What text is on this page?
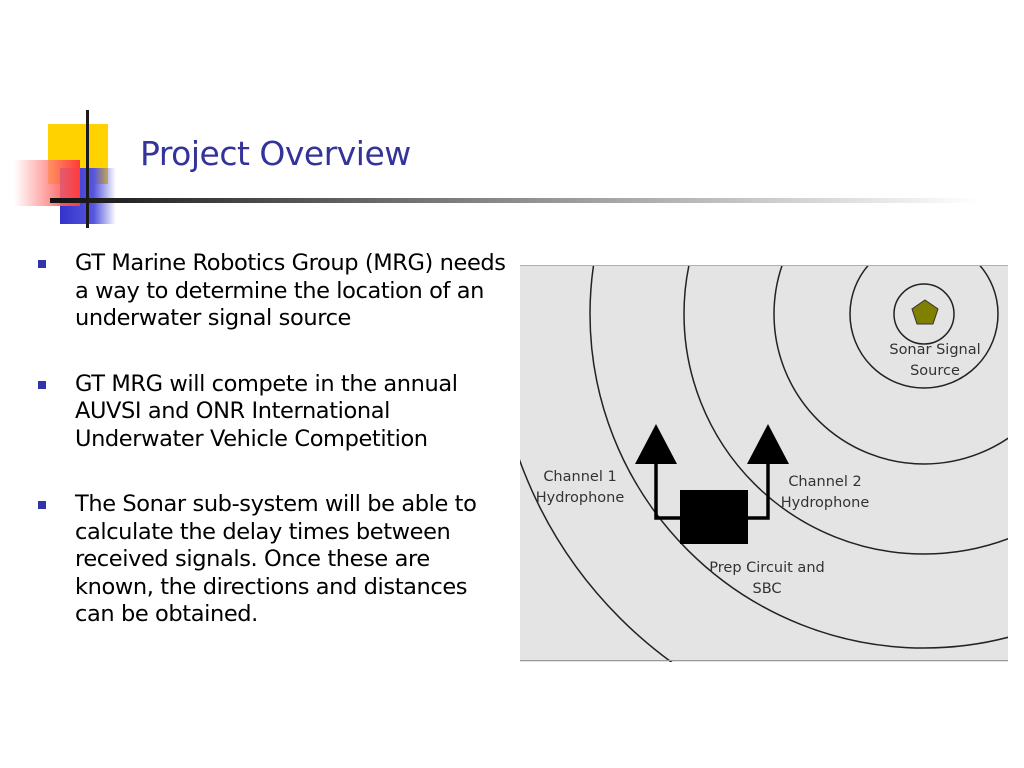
Project Overview
GT Marine Robotics Group (MRG) needs a way to determine the location of an underwater signal source
GT MRG will compete in the annual AUVSI and ONR International Underwater Vehicle Competition
The Sonar sub-system will be able to calculate the delay times between received signals. Once these are known, the directions and distances can be obtained.
Sonar Signal
Source
Channel 1
Hydrophone
Channel 2
Hydrophone
Prep Circuit and
SBC
